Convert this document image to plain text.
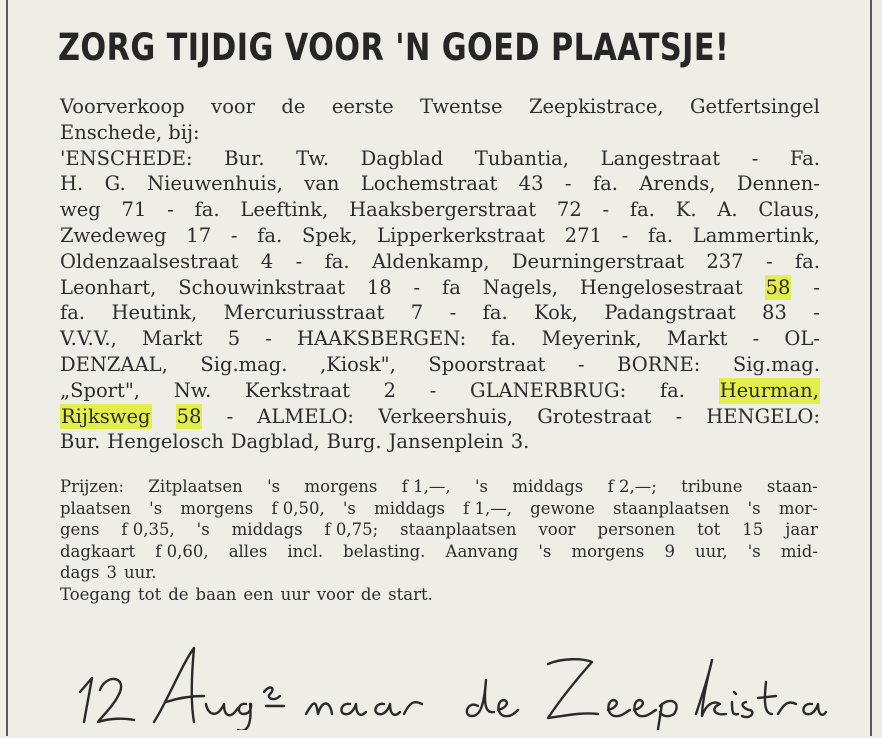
ZORG TIJDIG VOOR 'N GOED PLAATSJE!
Voorverkoop voor de eerste Twentse Zeepkistrace, Getfertsingel
Enschede, bij:
'ENSCHEDE: Bur. Tw. Dagblad Tubantia, Langestraat - Fa.
H. G. Nieuwenhuis, van Lochemstraat 43 - fa. Arends, Dennen-
weg 71 - fa. Leeftink, Haaksbergerstraat 72 - fa. K. A. Claus,
Zwedeweg 17 - fa. Spek, Lipperkerkstraat 271 - fa. Lammertink,
Oldenzaalsestraat 4 - fa. Aldenkamp, Deurningerstraat 237 - fa.
Leonhart, Schouwinkstraat 18 - fa Nagels, Hengelosestraat 58 -
fa. Heutink, Mercuriusstraat 7 - fa. Kok, Padangstraat 83 -
V.V.V., Markt 5 - HAAKSBERGEN: fa. Meyerink, Markt - OL-
DENZAAL, Sig.mag. ,Kiosk", Spoorstraat - BORNE: Sig.mag.
„Sport", Nw. Kerkstraat 2 - GLANERBRUG: fa. Heurman,
Rijksweg 58 - ALMELO: Verkeershuis, Grotestraat - HENGELO:
Bur. Hengelosch Dagblad, Burg. Jansenplein 3.
Prijzen: Zitplaatsen 's morgens f 1,—, 's middags f 2,—; tribune staan-
plaatsen 's morgens f 0,50, 's middags f 1,—, gewone staanplaatsen 's mor-
gens f 0,35, 's middags f 0,75; staanplaatsen voor personen tot 15 jaar
dagkaart f 0,60, alles incl. belasting. Aanvang 's morgens 9 uur, 's mid-
dags 3 uur.
Toegang tot de baan een uur voor de start.
